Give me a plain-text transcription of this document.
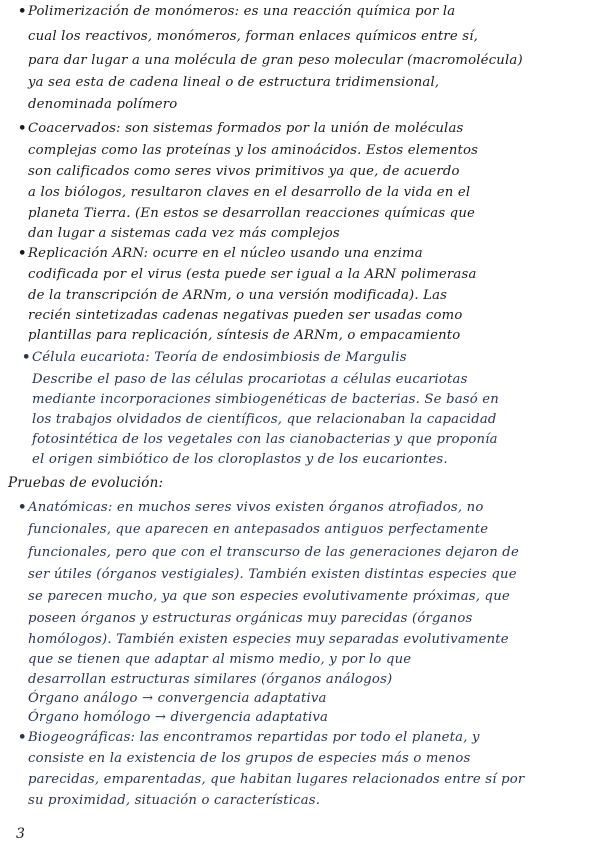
• Polimerización de monómeros: es una reacción química por la
cual los reactivos, monómeros, forman enlaces químicos entre sí,
para dar lugar a una molécula de gran peso molecular (macromolécula)
ya sea esta de cadena lineal o de estructura tridimensional,
denominada polímero
• Coacervados: son sistemas formados por la unión de moléculas
complejas como las proteínas y los aminoácidos. Estos elementos
son calificados como seres vivos primitivos ya que, de acuerdo
a los biólogos, resultaron claves en el desarrollo de la vida en el
planeta Tierra. (En estos se desarrollan reacciones químicas que
dan lugar a sistemas cada vez más complejos
• Replicación ARN: ocurre en el núcleo usando una enzima
codificada por el virus (esta puede ser igual a la ARN polimerasa
de la transcripción de ARNm, o una versión modificada). Las
recién sintetizadas cadenas negativas pueden ser usadas como
plantillas para replicación, síntesis de ARNm, o empacamiento
• Célula eucariota: Teoría de endosimbiosis de Margulis
Describe el paso de las células procariotas a células eucariotas
mediante incorporaciones simbiogenéticas de bacterias. Se basó en
los trabajos olvidados de científicos, que relacionaban la capacidad
fotosintética de los vegetales con las cianobacterias y que proponía
el origen simbiótico de los cloroplastos y de los eucariontes.
Pruebas de evolución:
• Anatómicas: en muchos seres vivos existen órganos atrofiados, no
funcionales, que aparecen en antepasados antiguos perfectamente
funcionales, pero que con el transcurso de las generaciones dejaron de
ser útiles (órganos vestigiales). También existen distintas especies que
se parecen mucho, ya que son especies evolutivamente próximas, que
poseen órganos y estructuras orgánicas muy parecidas (órganos
homólogos). También existen especies muy separadas evolutivamente
que se tienen que adaptar al mismo medio, y por lo que
desarrollan estructuras similares (órganos análogos)
Órgano análogo → convergencia adaptativa
Órgano homólogo → divergencia adaptativa
• Biogeográficas: las encontramos repartidas por todo el planeta, y
consiste en la existencia de los grupos de especies más o menos
parecidas, emparentadas, que habitan lugares relacionados entre sí por
su proximidad, situación o características.
3
